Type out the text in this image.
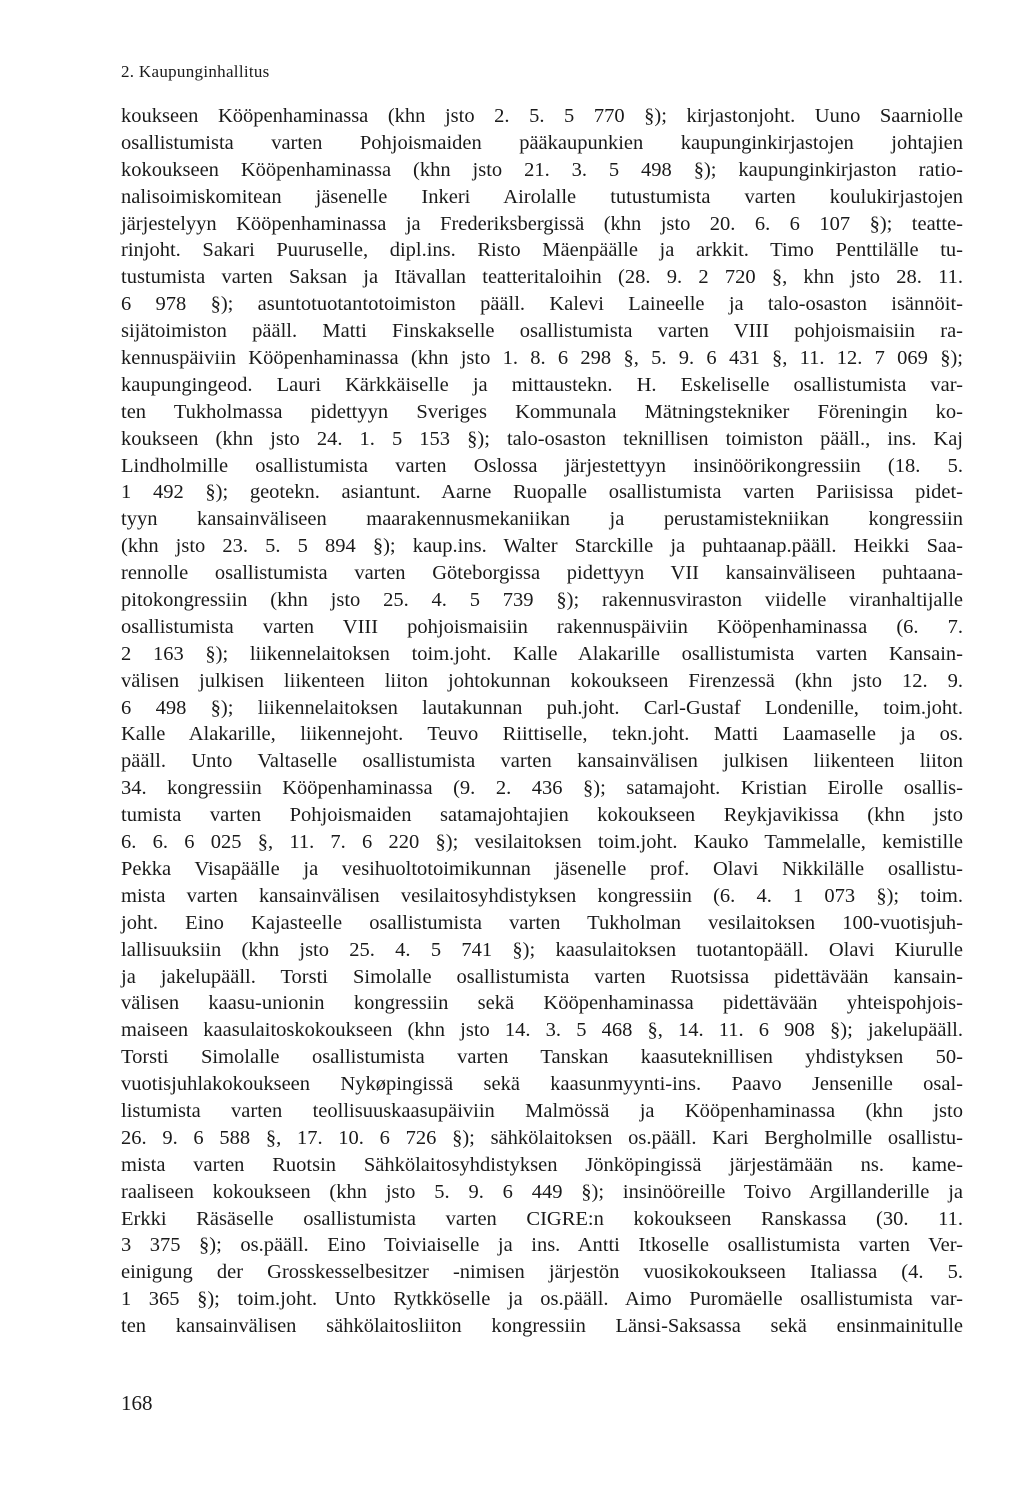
2. Kaupunginhallitus

koukseen Kööpenhaminassa (khn jsto 2. 5. 5 770 §); kirjastonjoht. Uuno Saarniolle
osallistumista varten Pohjoismaiden pääkaupunkien kaupunginkirjastojen johtajien
kokoukseen Kööpenhaminassa (khn jsto 21. 3. 5 498 §); kaupunginkirjaston ratio-
nalisoimiskomitean jäsenelle Inkeri Airolalle tutustumista varten koulukirjastojen
järjestelyyn Kööpenhaminassa ja Frederiksbergissä (khn jsto 20. 6. 6 107 §); teatte-
rinjoht. Sakari Puuruselle, dipl.ins. Risto Mäenpäälle ja arkkit. Timo Penttilälle tu-
tustumista varten Saksan ja Itävallan teatteritaloihin (28. 9. 2 720 §, khn jsto 28. 11.
6 978 §); asuntotuotantotoimiston pääll. Kalevi Laineelle ja talo-osaston isännöit-
sijätoimiston pääll. Matti Finskakselle osallistumista varten VIII pohjoismaisiin ra-
kennuspäiviin Kööpenhaminassa (khn jsto 1. 8. 6 298 §, 5. 9. 6 431 §, 11. 12. 7 069 §);
kaupungingeod. Lauri Kärkkäiselle ja mittaustekn. H. Eskeliselle osallistumista var-
ten Tukholmassa pidettyyn Sveriges Kommunala Mätningstekniker Föreningin ko-
koukseen (khn jsto 24. 1. 5 153 §); talo-osaston teknillisen toimiston pääll., ins. Kaj
Lindholmille osallistumista varten Oslossa järjestettyyn insinöörikongressiin (18. 5.
1 492 §); geotekn. asiantunt. Aarne Ruopalle osallistumista varten Pariisissa pidet-
tyyn kansainväliseen maarakennusmekaniikan ja perustamistekniikan kongressiin
(khn jsto 23. 5. 5 894 §); kaup.ins. Walter Starckille ja puhtaanap.pääll. Heikki Saa-
rennolle osallistumista varten Göteborgissa pidettyyn VII kansainväliseen puhtaana-
pitokongressiin (khn jsto 25. 4. 5 739 §); rakennusviraston viidelle viranhaltijalle
osallistumista varten VIII pohjoismaisiin rakennuspäiviin Kööpenhaminassa (6. 7.
2 163 §); liikennelaitoksen toim.joht. Kalle Alakarille osallistumista varten Kansain-
välisen julkisen liikenteen liiton johtokunnan kokoukseen Firenzessä (khn jsto 12. 9.
6 498 §); liikennelaitoksen lautakunnan puh.joht. Carl-Gustaf Londenille, toim.joht.
Kalle Alakarille, liikennejoht. Teuvo Riittiselle, tekn.joht. Matti Laamaselle ja os.
pääll. Unto Valtaselle osallistumista varten kansainvälisen julkisen liikenteen liiton
34. kongressiin Kööpenhaminassa (9. 2. 436 §); satamajoht. Kristian Eirolle osallis-
tumista varten Pohjoismaiden satamajohtajien kokoukseen Reykjavikissa (khn jsto
6. 6. 6 025 §, 11. 7. 6 220 §); vesilaitoksen toim.joht. Kauko Tammelalle, kemistille
Pekka Visapäälle ja vesihuoltotoimikunnan jäsenelle prof. Olavi Nikkilälle osallistu-
mista varten kansainvälisen vesilaitosyhdistyksen kongressiin (6. 4. 1 073 §); toim.
joht. Eino Kajasteelle osallistumista varten Tukholman vesilaitoksen 100-vuotisjuh-
lallisuuksiin (khn jsto 25. 4. 5 741 §); kaasulaitoksen tuotantopääll. Olavi Kiurulle
ja jakelupääll. Torsti Simolalle osallistumista varten Ruotsissa pidettävään kansain-
välisen kaasu-unionin kongressiin sekä Kööpenhaminassa pidettävään yhteispohjois-
maiseen kaasulaitoskokoukseen (khn jsto 14. 3. 5 468 §, 14. 11. 6 908 §); jakelupääll.
Torsti Simolalle osallistumista varten Tanskan kaasuteknillisen yhdistyksen 50-
vuotisjuhlakokoukseen Nykøpingissä sekä kaasunmyynti-ins. Paavo Jensenille osal-
listumista varten teollisuuskaasupäiviin Malmössä ja Kööpenhaminassa (khn jsto
26. 9. 6 588 §, 17. 10. 6 726 §); sähkölaitoksen os.pääll. Kari Bergholmille osallistu-
mista varten Ruotsin Sähkölaitosyhdistyksen Jönköpingissä järjestämään ns. kame-
raaliseen kokoukseen (khn jsto 5. 9. 6 449 §); insinööreille Toivo Argillanderille ja
Erkki Räsäselle osallistumista varten CIGRE:n kokoukseen Ranskassa (30. 11.
3 375 §); os.pääll. Eino Toiviaiselle ja ins. Antti Itkoselle osallistumista varten Ver-
einigung der Grosskesselbesitzer -nimisen järjestön vuosikokoukseen Italiassa (4. 5.
1 365 §); toim.joht. Unto Rytkköselle ja os.pääll. Aimo Puromäelle osallistumista var-
ten kansainvälisen sähkölaitosliiton kongressiin Länsi-Saksassa sekä ensinmainitulle

168
